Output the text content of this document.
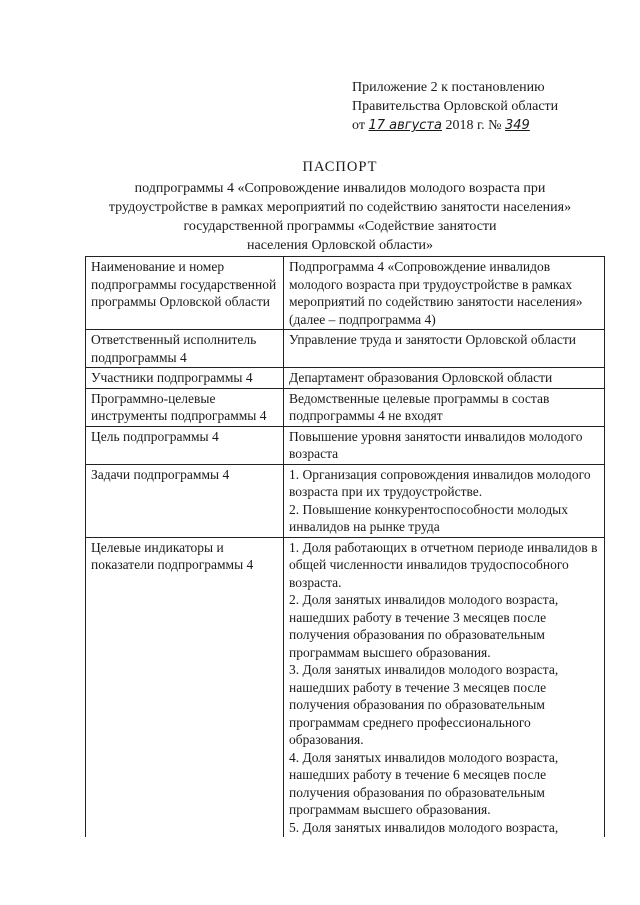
Приложение 2 к постановлению
Правительства Орловской области
от 17 августа 2018 г. № 349
ПАСПОРТ
подпрограммы 4 «Сопровождение инвалидов молодого возраста при
трудоустройстве в рамках мероприятий по содействию занятости населения»
государственной программы «Содействие занятости
населения Орловской области»
Наименование и номер подпрограммы государственной программы Орловской области	Подпрограмма 4 «Сопровождение инвалидов молодого возраста при трудоустройстве в рамках мероприятий по содействию занятости населения» (далее – подпрограмма 4)
Ответственный исполнитель подпрограммы 4	Управление труда и занятости Орловской области
Участники подпрограммы 4	Департамент образования Орловской области
Программно-целевые инструменты подпрограммы 4	Ведомственные целевые программы в состав подпрограммы 4 не входят
Цель подпрограммы 4	Повышение уровня занятости инвалидов молодого возраста
Задачи подпрограммы 4	1. Организация сопровождения инвалидов молодого возраста при их трудоустройстве.
2. Повышение конкурентоспособности молодых инвалидов на рынке труда

Целевые индикаторы и показатели подпрограммы 4	1. Доля работающих в отчетном периоде инвалидов в общей численности инвалидов трудоспособного возраста.
2. Доля занятых инвалидов молодого возраста, нашедших работу в течение 3 месяцев после получения образования по образовательным программам высшего образования.
3. Доля занятых инвалидов молодого возраста, нашедших работу в течение 3 месяцев после получения образования по образовательным программам среднего профессионального образования.
4. Доля занятых инвалидов молодого возраста, нашедших работу в течение 6 месяцев после получения образования по образовательным программам высшего образования.
5. Доля занятых инвалидов молодого возраста,
